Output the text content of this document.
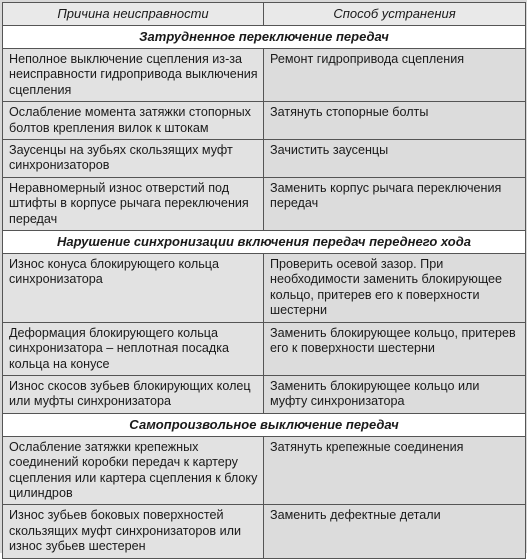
Причина неисправности	Способ устранения
Затрудненное переключение передач	
Неполное выключение сцепления из-за неисправности гидропривода выключения сцепления	Ремонт гидропривода сцепления
Ослабление момента затяжки стопорных болтов крепления вилок к штокам	Затянуть стопорные болты
Заусенцы на зубьях скользящих муфт синхронизаторов	Зачистить заусенцы
Неравномерный износ отверстий под штифты в корпусе рычага переключения передач	Заменить корпус рычага переключения передач
Нарушение синхронизации включения передач переднего хода	
Износ конуса блокирующего кольца синхронизатора	Проверить осевой зазор. При необходимости заменить блокирующее кольцо, притерев его к поверхности шестерни
Деформация блокирующего кольца синхронизатора – неплотная посадка кольца на конусе	Заменить блокирующее кольцо, притерев его к поверхности шестерни
Износ скосов зубьев блокирующих колец или муфты синхронизатора	Заменить блокирующее кольцо или муфту синхронизатора
Самопроизвольное выключение передач	
Ослабление затяжки крепежных соединений коробки передач к картеру сцепления или картера сцепления к блоку цилиндров	Затянуть крепежные соединения
Износ зубьев боковых поверхностей скользящих муфт синхронизаторов или износ зубьев шестерен	Заменить дефектные детали
